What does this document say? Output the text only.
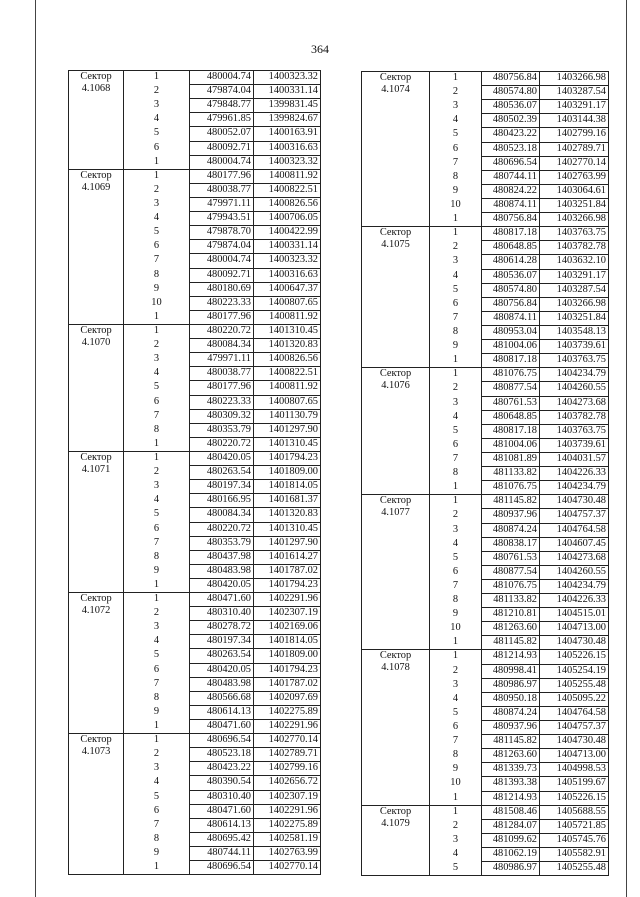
364
Сектор
4.1068	1	480004.74	1400323.32
	2	479874.04	1400331.14
	3	479848.77	1399831.45
	4	479961.85	1399824.67
	5	480052.07	1400163.91
	6	480092.71	1400316.63
	1	480004.74	1400323.32
Сектор
4.1069	1	480177.96	1400811.92
	2	480038.77	1400822.51
	3	479971.11	1400826.56
	4	479943.51	1400706.05
	5	479878.70	1400422.99
	6	479874.04	1400331.14
	7	480004.74	1400323.32
	8	480092.71	1400316.63
	9	480180.69	1400647.37
	10	480223.33	1400807.65
	1	480177.96	1400811.92
Сектор
4.1070	1	480220.72	1401310.45
	2	480084.34	1401320.83
	3	479971.11	1400826.56
	4	480038.77	1400822.51
	5	480177.96	1400811.92
	6	480223.33	1400807.65
	7	480309.32	1401130.79
	8	480353.79	1401297.90
	1	480220.72	1401310.45
Сектор
4.1071	1	480420.05	1401794.23
	2	480263.54	1401809.00
	3	480197.34	1401814.05
	4	480166.95	1401681.37
	5	480084.34	1401320.83
	6	480220.72	1401310.45
	7	480353.79	1401297.90
	8	480437.98	1401614.27
	9	480483.98	1401787.02
	1	480420.05	1401794.23
Сектор
4.1072	1	480471.60	1402291.96
	2	480310.40	1402307.19
	3	480278.72	1402169.06
	4	480197.34	1401814.05
	5	480263.54	1401809.00
	6	480420.05	1401794.23
	7	480483.98	1401787.02
	8	480566.68	1402097.69
	9	480614.13	1402275.89
	1	480471.60	1402291.96
Сектор
4.1073	1	480696.54	1402770.14
	2	480523.18	1402789.71
	3	480423.22	1402799.16
	4	480390.54	1402656.72
	5	480310.40	1402307.19
	6	480471.60	1402291.96
	7	480614.13	1402275.89
	8	480695.42	1402581.19
	9	480744.11	1402763.99
	1	480696.54	1402770.14
Сектор
4.1074	1	480756.84	1403266.98
	2	480574.80	1403287.54
	3	480536.07	1403291.17
	4	480502.39	1403144.38
	5	480423.22	1402799.16
	6	480523.18	1402789.71
	7	480696.54	1402770.14
	8	480744.11	1402763.99
	9	480824.22	1403064.61
	10	480874.11	1403251.84
	1	480756.84	1403266.98
Сектор
4.1075	1	480817.18	1403763.75
	2	480648.85	1403782.78
	3	480614.28	1403632.10
	4	480536.07	1403291.17
	5	480574.80	1403287.54
	6	480756.84	1403266.98
	7	480874.11	1403251.84
	8	480953.04	1403548.13
	9	481004.06	1403739.61
	1	480817.18	1403763.75
Сектор
4.1076	1	481076.75	1404234.79
	2	480877.54	1404260.55
	3	480761.53	1404273.68
	4	480648.85	1403782.78
	5	480817.18	1403763.75
	6	481004.06	1403739.61
	7	481081.89	1404031.57
	8	481133.82	1404226.33
	1	481076.75	1404234.79
Сектор
4.1077	1	481145.82	1404730.48
	2	480937.96	1404757.37
	3	480874.24	1404764.58
	4	480838.17	1404607.45
	5	480761.53	1404273.68
	6	480877.54	1404260.55
	7	481076.75	1404234.79
	8	481133.82	1404226.33
	9	481210.81	1404515.01
	10	481263.60	1404713.00
	1	481145.82	1404730.48
Сектор
4.1078	1	481214.93	1405226.15
	2	480998.41	1405254.19
	3	480986.97	1405255.48
	4	480950.18	1405095.22
	5	480874.24	1404764.58
	6	480937.96	1404757.37
	7	481145.82	1404730.48
	8	481263.60	1404713.00
	9	481339.73	1404998.53
	10	481393.38	1405199.67
	1	481214.93	1405226.15
Сектор
4.1079	1	481508.46	1405688.55
	2	481284.07	1405721.85
	3	481099.62	1405745.76
	4	481062.19	1405582.91
	5	480986.97	1405255.48
